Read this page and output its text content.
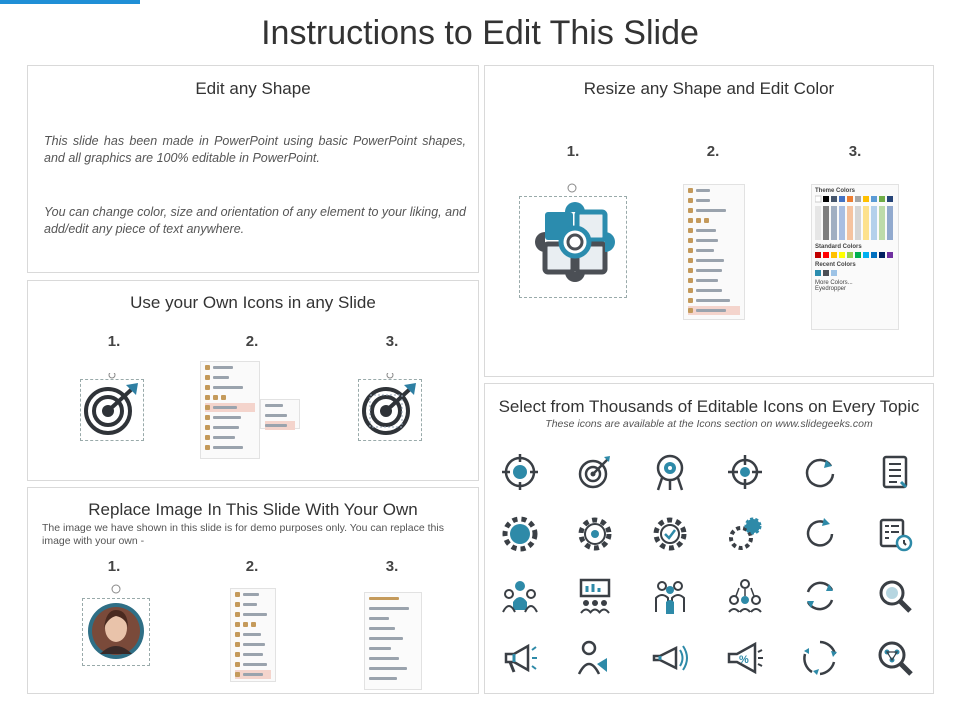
Instructions to Edit This Slide
Edit any Shape
This slide has been made in PowerPoint using basic PowerPoint shapes, and all graphics are 100% editable in PowerPoint.
You can change color, size and orientation of any element to your liking, and add/edit any piece of text anywhere.
Use your Own Icons in any Slide
1.	2.	3.
Replace Image In This Slide With Your Own
The image we have shown in this slide is for demo purposes only. You can replace this image with your own -
1.	2.	3.
Resize any Shape and Edit Color
1.	2.	3.
Theme Colors
Standard Colors
Recent Colors
More Colors...
Eyedropper
Select from Thousands of Editable Icons on Every Topic
These icons are available at the Icons section on www.slidegeeks.com
%
